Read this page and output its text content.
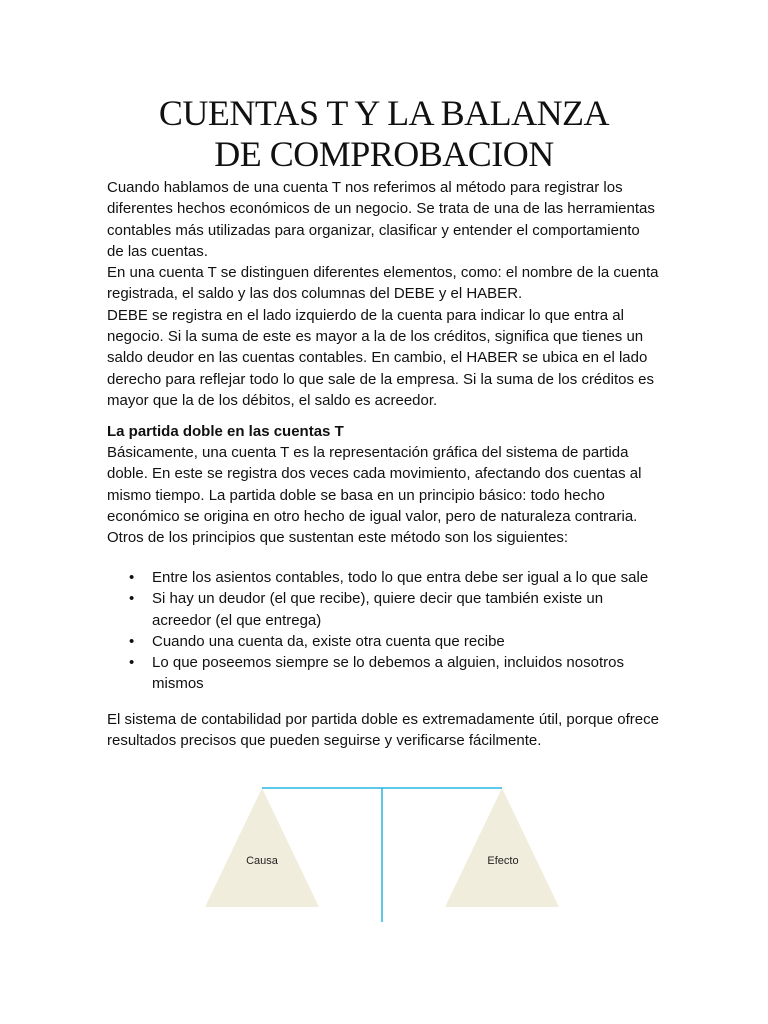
CUENTAS T Y LA BALANZA
DE COMPROBACION
Cuando hablamos de una cuenta T nos referimos al método para registrar los
diferentes hechos económicos de un negocio. Se trata de una de las herramientas
contables más utilizadas para organizar, clasificar y entender el comportamiento
de las cuentas.
En una cuenta T se distinguen diferentes elementos, como: el nombre de la cuenta
registrada, el saldo y las dos columnas del DEBE y el HABER.
DEBE se registra en el lado izquierdo de la cuenta para indicar lo que entra al
negocio. Si la suma de este es mayor a la de los créditos, significa que tienes un
saldo deudor en las cuentas contables. En cambio, el HABER se ubica en el lado
derecho para reflejar todo lo que sale de la empresa. Si la suma de los créditos es
mayor que la de los débitos, el saldo es acreedor.
La partida doble en las cuentas T
Básicamente, una cuenta T es la representación gráfica del sistema de partida
doble. En este se registra dos veces cada movimiento, afectando dos cuentas al
mismo tiempo. La partida doble se basa en un principio básico: todo hecho
económico se origina en otro hecho de igual valor, pero de naturaleza contraria.
Otros de los principios que sustentan este método son los siguientes:
• Entre los asientos contables, todo lo que entra debe ser igual a lo que sale
• Si hay un deudor (el que recibe), quiere decir que también existe un
acreedor (el que entrega)
• Cuando una cuenta da, existe otra cuenta que recibe
• Lo que poseemos siempre se lo debemos a alguien, incluidos nosotros
mismos
El sistema de contabilidad por partida doble es extremadamente útil, porque ofrece
resultados precisos que pueden seguirse y verificarse fácilmente.
Causa	Efecto
